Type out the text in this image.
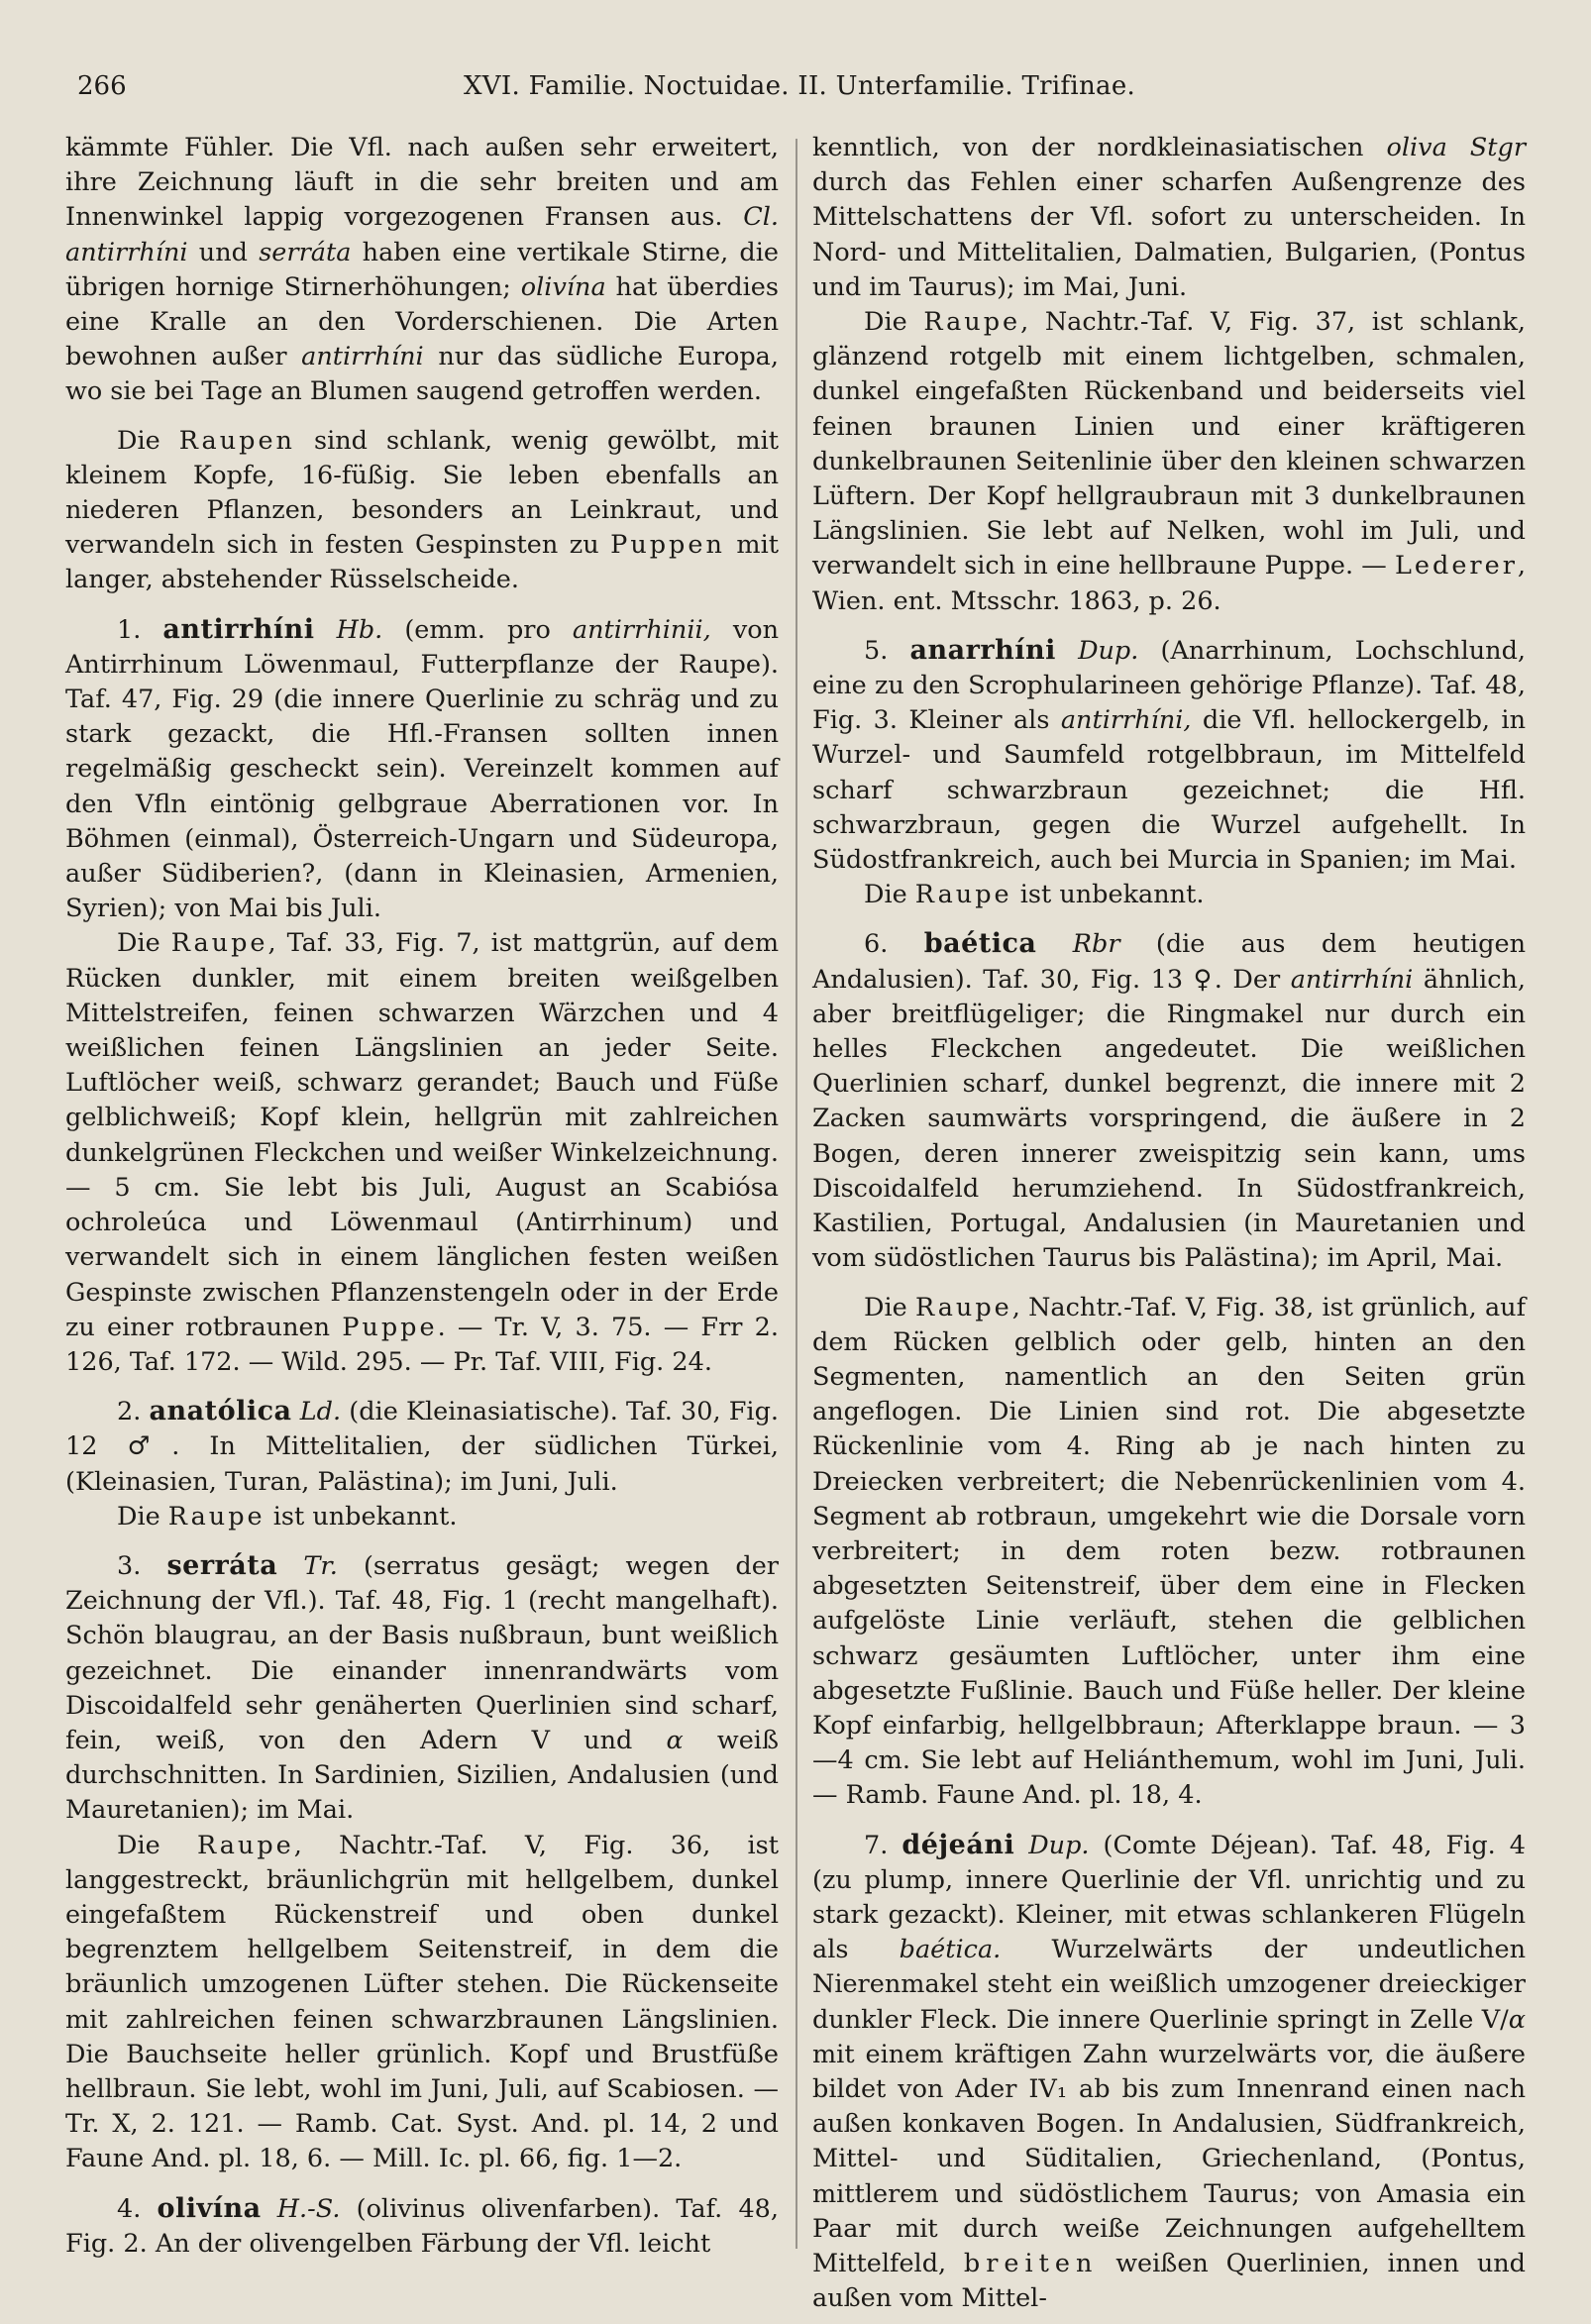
266	XVI. Familie. Noctuidae. II. Unterfamilie. Trifinae.

kämmte Fühler. Die Vfl. nach außen sehr erweitert, ihre Zeichnung läuft in die sehr breiten und am Innenwinkel lappig vorgezogenen Fransen aus. Cl. antirrhíni und serráta haben eine vertikale Stirne, die übrigen hornige Stirnerhöhungen; olivína hat überdies eine Kralle an den Vorderschienen. Die Arten bewohnen außer antirrhíni nur das südliche Europa, wo sie bei Tage an Blumen saugend getroffen werden.

Die Raupen sind schlank, wenig gewölbt, mit kleinem Kopfe, 16-füßig. Sie leben ebenfalls an niederen Pflanzen, besonders an Leinkraut, und verwandeln sich in festen Gespinsten zu Puppen mit langer, abstehender Rüsselscheide.

1. antirrhíni Hb. (emm. pro antirrhinii, von Antirrhinum Löwenmaul, Futterpflanze der Raupe). Taf. 47, Fig. 29 (die innere Querlinie zu schräg und zu stark gezackt, die Hfl.-Fransen sollten innen regelmäßig gescheckt sein). Vereinzelt kommen auf den Vfln eintönig gelbgraue Aberrationen vor. In Böhmen (einmal), Österreich-Ungarn und Südeuropa, außer Südiberien?, (dann in Kleinasien, Armenien, Syrien); von Mai bis Juli.

Die Raupe, Taf. 33, Fig. 7, ist mattgrün, auf dem Rücken dunkler, mit einem breiten weißgelben Mittelstreifen, feinen schwarzen Wärzchen und 4 weißlichen feinen Längslinien an jeder Seite. Luftlöcher weiß, schwarz gerandet; Bauch und Füße gelblichweiß; Kopf klein, hellgrün mit zahlreichen dunkelgrünen Fleckchen und weißer Winkelzeichnung. — 5 cm. Sie lebt bis Juli, August an Scabiósa ochroleúca und Löwenmaul (Antirrhinum) und verwandelt sich in einem länglichen festen weißen Gespinste zwischen Pflanzenstengeln oder in der Erde zu einer rotbraunen Puppe. — Tr. V, 3. 75. — Frr 2. 126, Taf. 172. — Wild. 295. — Pr. Taf. VIII, Fig. 24.

2. anatólica Ld. (die Kleinasiatische). Taf. 30, Fig. 12 ♂. In Mittelitalien, der südlichen Türkei, (Kleinasien, Turan, Palästina); im Juni, Juli.

Die Raupe ist unbekannt.

3. serráta Tr. (serratus gesägt; wegen der Zeichnung der Vfl.). Taf. 48, Fig. 1 (recht mangelhaft). Schön blaugrau, an der Basis nußbraun, bunt weißlich gezeichnet. Die einander innenrandwärts vom Discoidalfeld sehr genäherten Querlinien sind scharf, fein, weiß, von den Adern V und α weiß durchschnitten. In Sardinien, Sizilien, Andalusien (und Mauretanien); im Mai.

Die Raupe, Nachtr.-Taf. V, Fig. 36, ist langgestreckt, bräunlichgrün mit hellgelbem, dunkel eingefaßtem Rückenstreif und oben dunkel begrenztem hellgelbem Seitenstreif, in dem die bräunlich umzogenen Lüfter stehen. Die Rückenseite mit zahlreichen feinen schwarzbraunen Längslinien. Die Bauchseite heller grünlich. Kopf und Brustfüße hellbraun. Sie lebt, wohl im Juni, Juli, auf Scabiosen. — Tr. X, 2. 121. — Ramb. Cat. Syst. And. pl. 14, 2 und Faune And. pl. 18, 6. — Mill. Ic. pl. 66, fig. 1—2.

4. olivína H.-S. (olivinus olivenfarben). Taf. 48, Fig. 2. An der olivengelben Färbung der Vfl. leicht

kenntlich, von der nordkleinasiatischen oliva Stgr durch das Fehlen einer scharfen Außengrenze des Mittelschattens der Vfl. sofort zu unterscheiden. In Nord- und Mittelitalien, Dalmatien, Bulgarien, (Pontus und im Taurus); im Mai, Juni.

Die Raupe, Nachtr.-Taf. V, Fig. 37, ist schlank, glänzend rotgelb mit einem lichtgelben, schmalen, dunkel eingefaßten Rückenband und beiderseits viel feinen braunen Linien und einer kräftigeren dunkelbraunen Seitenlinie über den kleinen schwarzen Lüftern. Der Kopf hellgraubraun mit 3 dunkelbraunen Längslinien. Sie lebt auf Nelken, wohl im Juli, und verwandelt sich in eine hellbraune Puppe. — Lederer, Wien. ent. Mtsschr. 1863, p. 26.

5. anarrhíni Dup. (Anarrhinum, Lochschlund, eine zu den Scrophularineen gehörige Pflanze). Taf. 48, Fig. 3. Kleiner als antirrhíni, die Vfl. hellockergelb, in Wurzel- und Saumfeld rotgelbbraun, im Mittelfeld scharf schwarzbraun gezeichnet; die Hfl. schwarzbraun, gegen die Wurzel aufgehellt. In Südostfrankreich, auch bei Murcia in Spanien; im Mai.

Die Raupe ist unbekannt.

6. baética Rbr (die aus dem heutigen Andalusien). Taf. 30, Fig. 13 ♀. Der antirrhíni ähnlich, aber breitflügeliger; die Ringmakel nur durch ein helles Fleckchen angedeutet. Die weißlichen Querlinien scharf, dunkel begrenzt, die innere mit 2 Zacken saumwärts vorspringend, die äußere in 2 Bogen, deren innerer zweispitzig sein kann, ums Discoidalfeld herumziehend. In Südostfrankreich, Kastilien, Portugal, Andalusien (in Mauretanien und vom südöstlichen Taurus bis Palästina); im April, Mai.

Die Raupe, Nachtr.-Taf. V, Fig. 38, ist grünlich, auf dem Rücken gelblich oder gelb, hinten an den Segmenten, namentlich an den Seiten grün angeflogen. Die Linien sind rot. Die abgesetzte Rückenlinie vom 4. Ring ab je nach hinten zu Dreiecken verbreitert; die Nebenrückenlinien vom 4. Segment ab rotbraun, umgekehrt wie die Dorsale vorn verbreitert; in dem roten bezw. rotbraunen abgesetzten Seitenstreif, über dem eine in Flecken aufgelöste Linie verläuft, stehen die gelblichen schwarz gesäumten Luftlöcher, unter ihm eine abgesetzte Fußlinie. Bauch und Füße heller. Der kleine Kopf einfarbig, hellgelbbraun; Afterklappe braun. — 3—4 cm. Sie lebt auf Heliánthemum, wohl im Juni, Juli. — Ramb. Faune And. pl. 18, 4.

7. déjeáni Dup. (Comte Déjean). Taf. 48, Fig. 4 (zu plump, innere Querlinie der Vfl. unrichtig und zu stark gezackt). Kleiner, mit etwas schlankeren Flügeln als baética. Wurzelwärts der undeutlichen Nierenmakel steht ein weißlich umzogener dreieckiger dunkler Fleck. Die innere Querlinie springt in Zelle V/α mit einem kräftigen Zahn wurzelwärts vor, die äußere bildet von Ader IV₁ ab bis zum Innenrand einen nach außen konkaven Bogen. In Andalusien, Südfrankreich, Mittel- und Süditalien, Griechenland, (Pontus, mittlerem und südöstlichem Taurus; von Amasia ein Paar mit durch weiße Zeichnungen aufgehelltem Mittelfeld, breiten weißen Querlinien, innen und außen vom Mittel-
